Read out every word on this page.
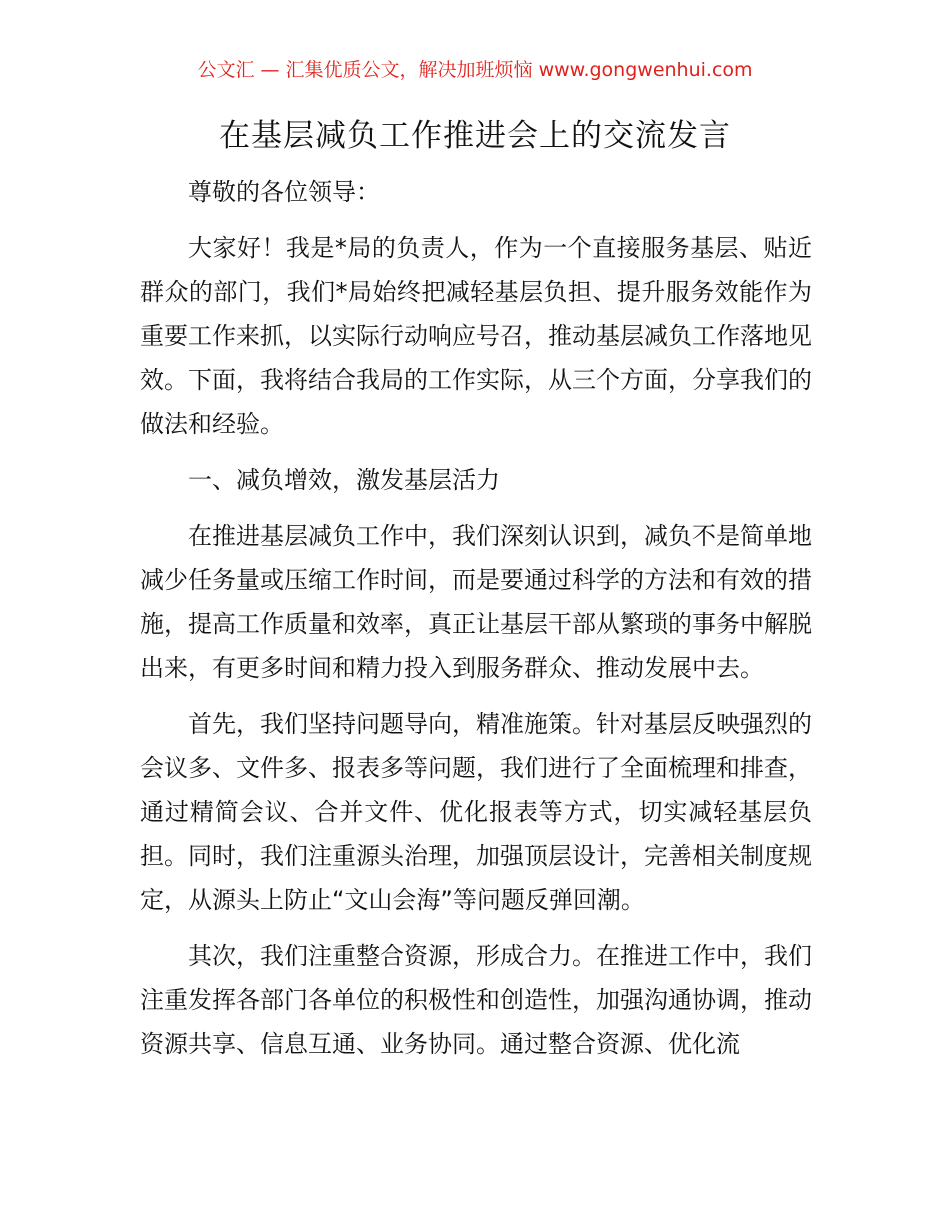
公文汇 — 汇集优质公文，解决加班烦恼 www.gongwenhui.com
在基层减负工作推进会上的交流发言

尊敬的各位领导：

大家好！我是*局的负责人，作为一个直接服务基层、贴近群众的部门，我们*局始终把减轻基层负担、提升服务效能作为重要工作来抓，以实际行动响应号召，推动基层减负工作落地见效。下面，我将结合我局的工作实际，从三个方面，分享我们的做法和经验。

一、减负增效，激发基层活力

在推进基层减负工作中，我们深刻认识到，减负不是简单地减少任务量或压缩工作时间，而是要通过科学的方法和有效的措施，提高工作质量和效率，真正让基层干部从繁琐的事务中解脱出来，有更多时间和精力投入到服务群众、推动发展中去。

首先，我们坚持问题导向，精准施策。针对基层反映强烈的会议多、文件多、报表多等问题，我们进行了全面梳理和排查，通过精简会议、合并文件、优化报表等方式，切实减轻基层负担。同时，我们注重源头治理，加强顶层设计，完善相关制度规定，从源头上防止“文山会海”等问题反弹回潮。

其次，我们注重整合资源，形成合力。在推进工作中，我们注重发挥各部门各单位的积极性和创造性，加强沟通协调，推动资源共享、信息互通、业务协同。通过整合资源、优化流
